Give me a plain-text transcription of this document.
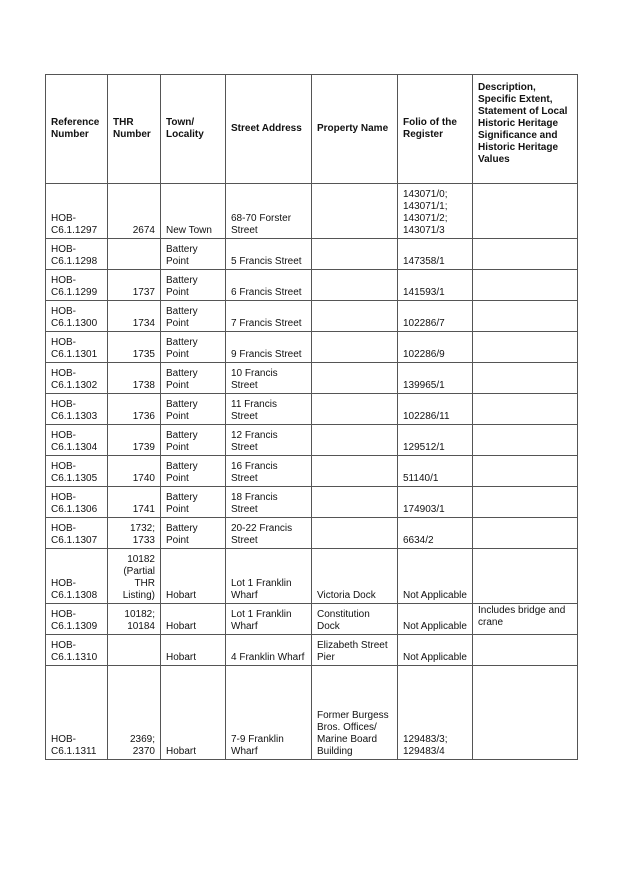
Reference Number	THR Number	Town/ Locality	Street Address	Property Name	Folio of the Register	Description, Specific Extent, Statement of Local Historic Heritage Significance and Historic Heritage Values
HOB-C6.1.1297	2674	New Town	68-70 Forster Street		143071/0; 143071/1; 143071/2; 143071/3	
HOB-C6.1.1298		Battery Point	5 Francis Street		147358/1	
HOB-C6.1.1299	1737	Battery Point	6 Francis Street		141593/1	
HOB-C6.1.1300	1734	Battery Point	7 Francis Street		102286/7	
HOB-C6.1.1301	1735	Battery Point	9 Francis Street		102286/9	
HOB-C6.1.1302	1738	Battery Point	10 Francis Street		139965/1	
HOB-C6.1.1303	1736	Battery Point	11 Francis Street		102286/11	
HOB-C6.1.1304	1739	Battery Point	12 Francis Street		129512/1	
HOB-C6.1.1305	1740	Battery Point	16 Francis Street		51140/1	
HOB-C6.1.1306	1741	Battery Point	18 Francis Street		174903/1	
HOB-C6.1.1307	1732; 1733	Battery Point	20-22 Francis Street		6634/2	
HOB-C6.1.1308	10182 (Partial THR Listing)	Hobart	Lot 1 Franklin Wharf	Victoria Dock	Not Applicable	
HOB-C6.1.1309	10182; 10184	Hobart	Lot 1 Franklin Wharf	Constitution Dock	Not Applicable	Includes bridge and crane
HOB-C6.1.1310		Hobart	4 Franklin Wharf	Elizabeth Street Pier	Not Applicable	
HOB-C6.1.1311	2369; 2370	Hobart	7-9 Franklin Wharf	Former Burgess Bros. Offices/ Marine Board Building	129483/3; 129483/4	
